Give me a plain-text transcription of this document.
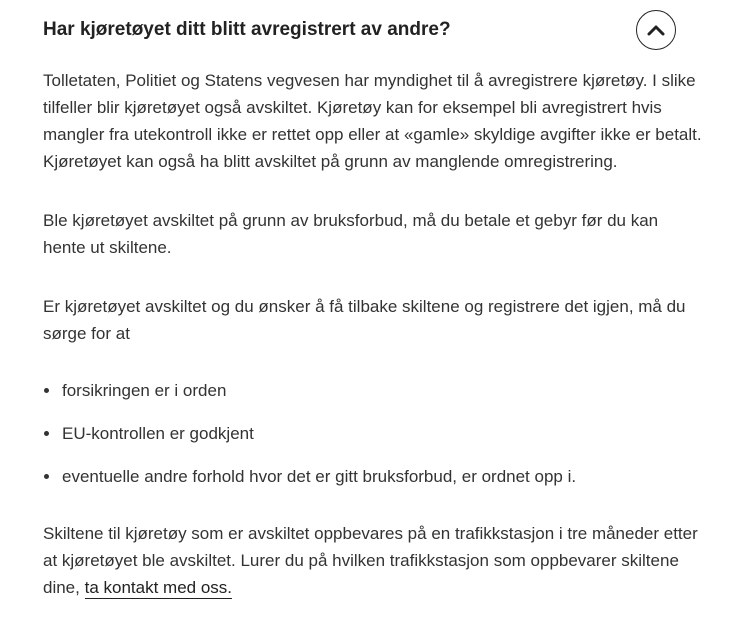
Har kjøretøyet ditt blitt avregistrert av andre?

Tolletaten, Politiet og Statens vegvesen har myndighet til å avregistrere kjøretøy. I slike tilfeller blir kjøretøyet også avskiltet. Kjøretøy kan for eksempel bli avregistrert hvis mangler fra utekontroll ikke er rettet opp eller at «gamle» skyldige avgifter ikke er betalt. Kjøretøyet kan også ha blitt avskiltet på grunn av manglende omregistrering.

Ble kjøretøyet avskiltet på grunn av bruksforbud, må du betale et gebyr før du kan hente ut skiltene.

Er kjøretøyet avskiltet og du ønsker å få tilbake skiltene og registrere det igjen, må du sørge for at

forsikringen er i orden
EU-kontrollen er godkjent
eventuelle andre forhold hvor det er gitt bruksforbud, er ordnet opp i.

Skiltene til kjøretøy som er avskiltet oppbevares på en trafikkstasjon i tre måneder etter at kjøretøyet ble avskiltet. Lurer du på hvilken trafikkstasjon som oppbevarer skiltene dine, ta kontakt med oss.
